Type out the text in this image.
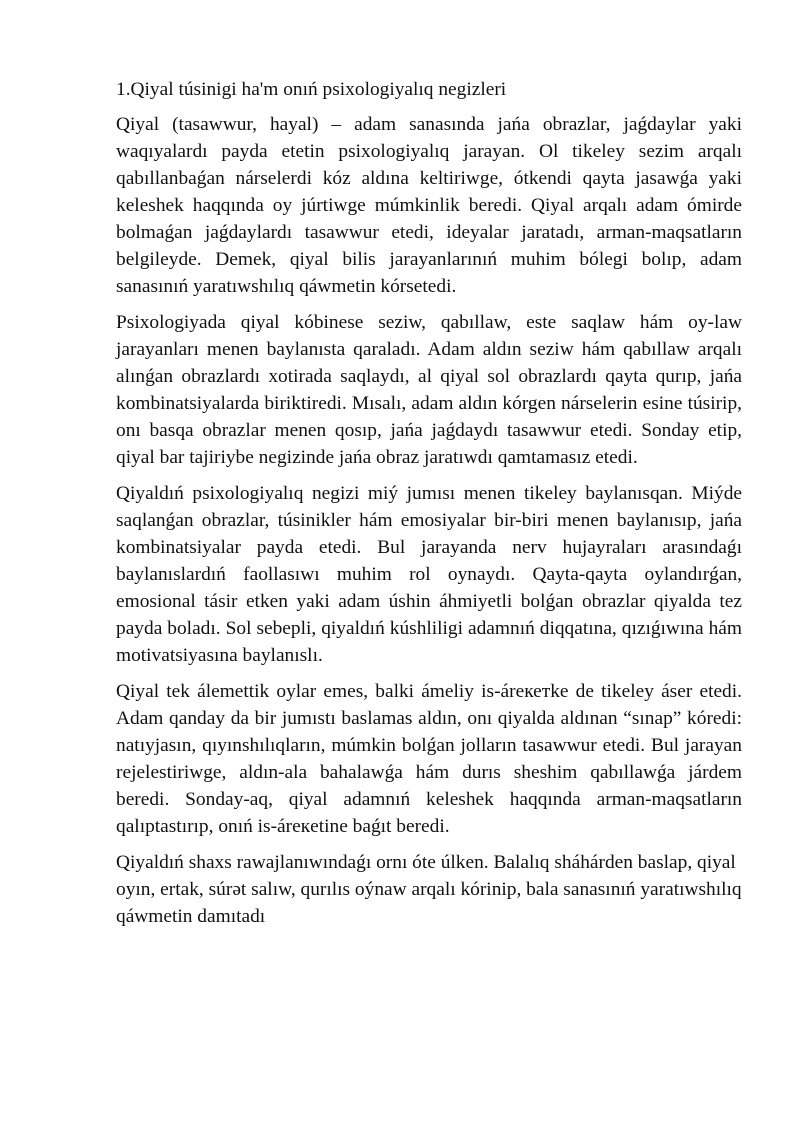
1.Qiyal túsinigi ha'm onıń psixologiyalıq negizleri

Qiyal (tasawwur, hayal) – adam sanasında jańa obrazlar, jaǵdaylar yaki waqıyalardı payda etetin psixologiyalıq jarayan. Ol tikeley sezim arqalı qabıllanbaǵan nárselerdi kóz aldına keltiriwge, ótkendi qayta jasawǵa yaki keleshek haqqında oy júrtiwge múmkinlik beredi. Qiyal arqalı adam ómirde bolmaǵan jaǵdaylardı tasawwur etedi, ideyalar jaratadı, arman-maqsatların belgileyde. Demek, qiyal bilis jarayanlarınıń muhim bólegi bolıp, adam sanasınıń yaratıwshılıq qáwmetin kórsetedi.

Psixologiyada qiyal kóbinese seziw, qabıllaw, este saqlaw hám oy-law jarayanları menen baylanısta qaraladı. Adam aldın seziw hám qabıllaw arqalı alınǵan obrazlardı xotirada saqlaydı, al qiyal sol obrazlardı qayta qurıp, jańa kombinatsiyalarda biriktiredi. Mısalı, adam aldın kórgen nárselerin esine túsirip, onı basqa obrazlar menen qosıp, jańa jaǵdaydı tasawwur etedi. Sonday etip, qiyal bar tajiriybe negizinde jańa obraz jaratıwdı qamtamasız etedi.

Qiyaldıń psixologiyalıq negizi miý jumısı menen tikeley baylanısqan. Miýde saqlanǵan obrazlar, túsinikler hám emosiyalar bir-biri menen baylanısıp, jańa kombinatsiyalar payda etedi. Bul jarayanda nerv hujayraları arasındaǵı baylanıslardıń faollasıwı muhim rol oynaydı. Qayta-qayta oylandırǵan, emosional tásir etken yaki adam úshin áhmiyetli bolǵan obrazlar qiyalda tez payda boladı. Sol sebepli, qiyaldıń kúshliligi adamnıń diqqatına, qızıǵıwına hám motivatsiyasına baylanıslı.

Qiyal tek álemettik oylar emes, balki ámeliy is-áreкетke de tikeley áser etedi. Adam qanday da bir jumıstı baslamas aldın, onı qiyalda aldınan “sınap” kóredi: natıyjasın, qıyınshılıqların, múmkin bolǵan jolların tasawwur etedi. Bul jarayan rejelestiriwge, aldın-ala bahalawǵa hám durıs sheshim qabıllawǵa járdem beredi. Sonday-aq, qiyal adamnıń keleshek haqqında arman-maqsatların qalıptastırıp, onıń is-áreкetine baǵıt beredi.

Qiyaldıń shaxs rawajlanıwındaǵı ornı óte úlken. Balalıq sháhárden baslap, qiyal oyın, ertak, súrət salıw, qurılıs oýnaw arqalı kórinip, bala sanasınıń yaratıwshılıq qáwmetin damıtadı
